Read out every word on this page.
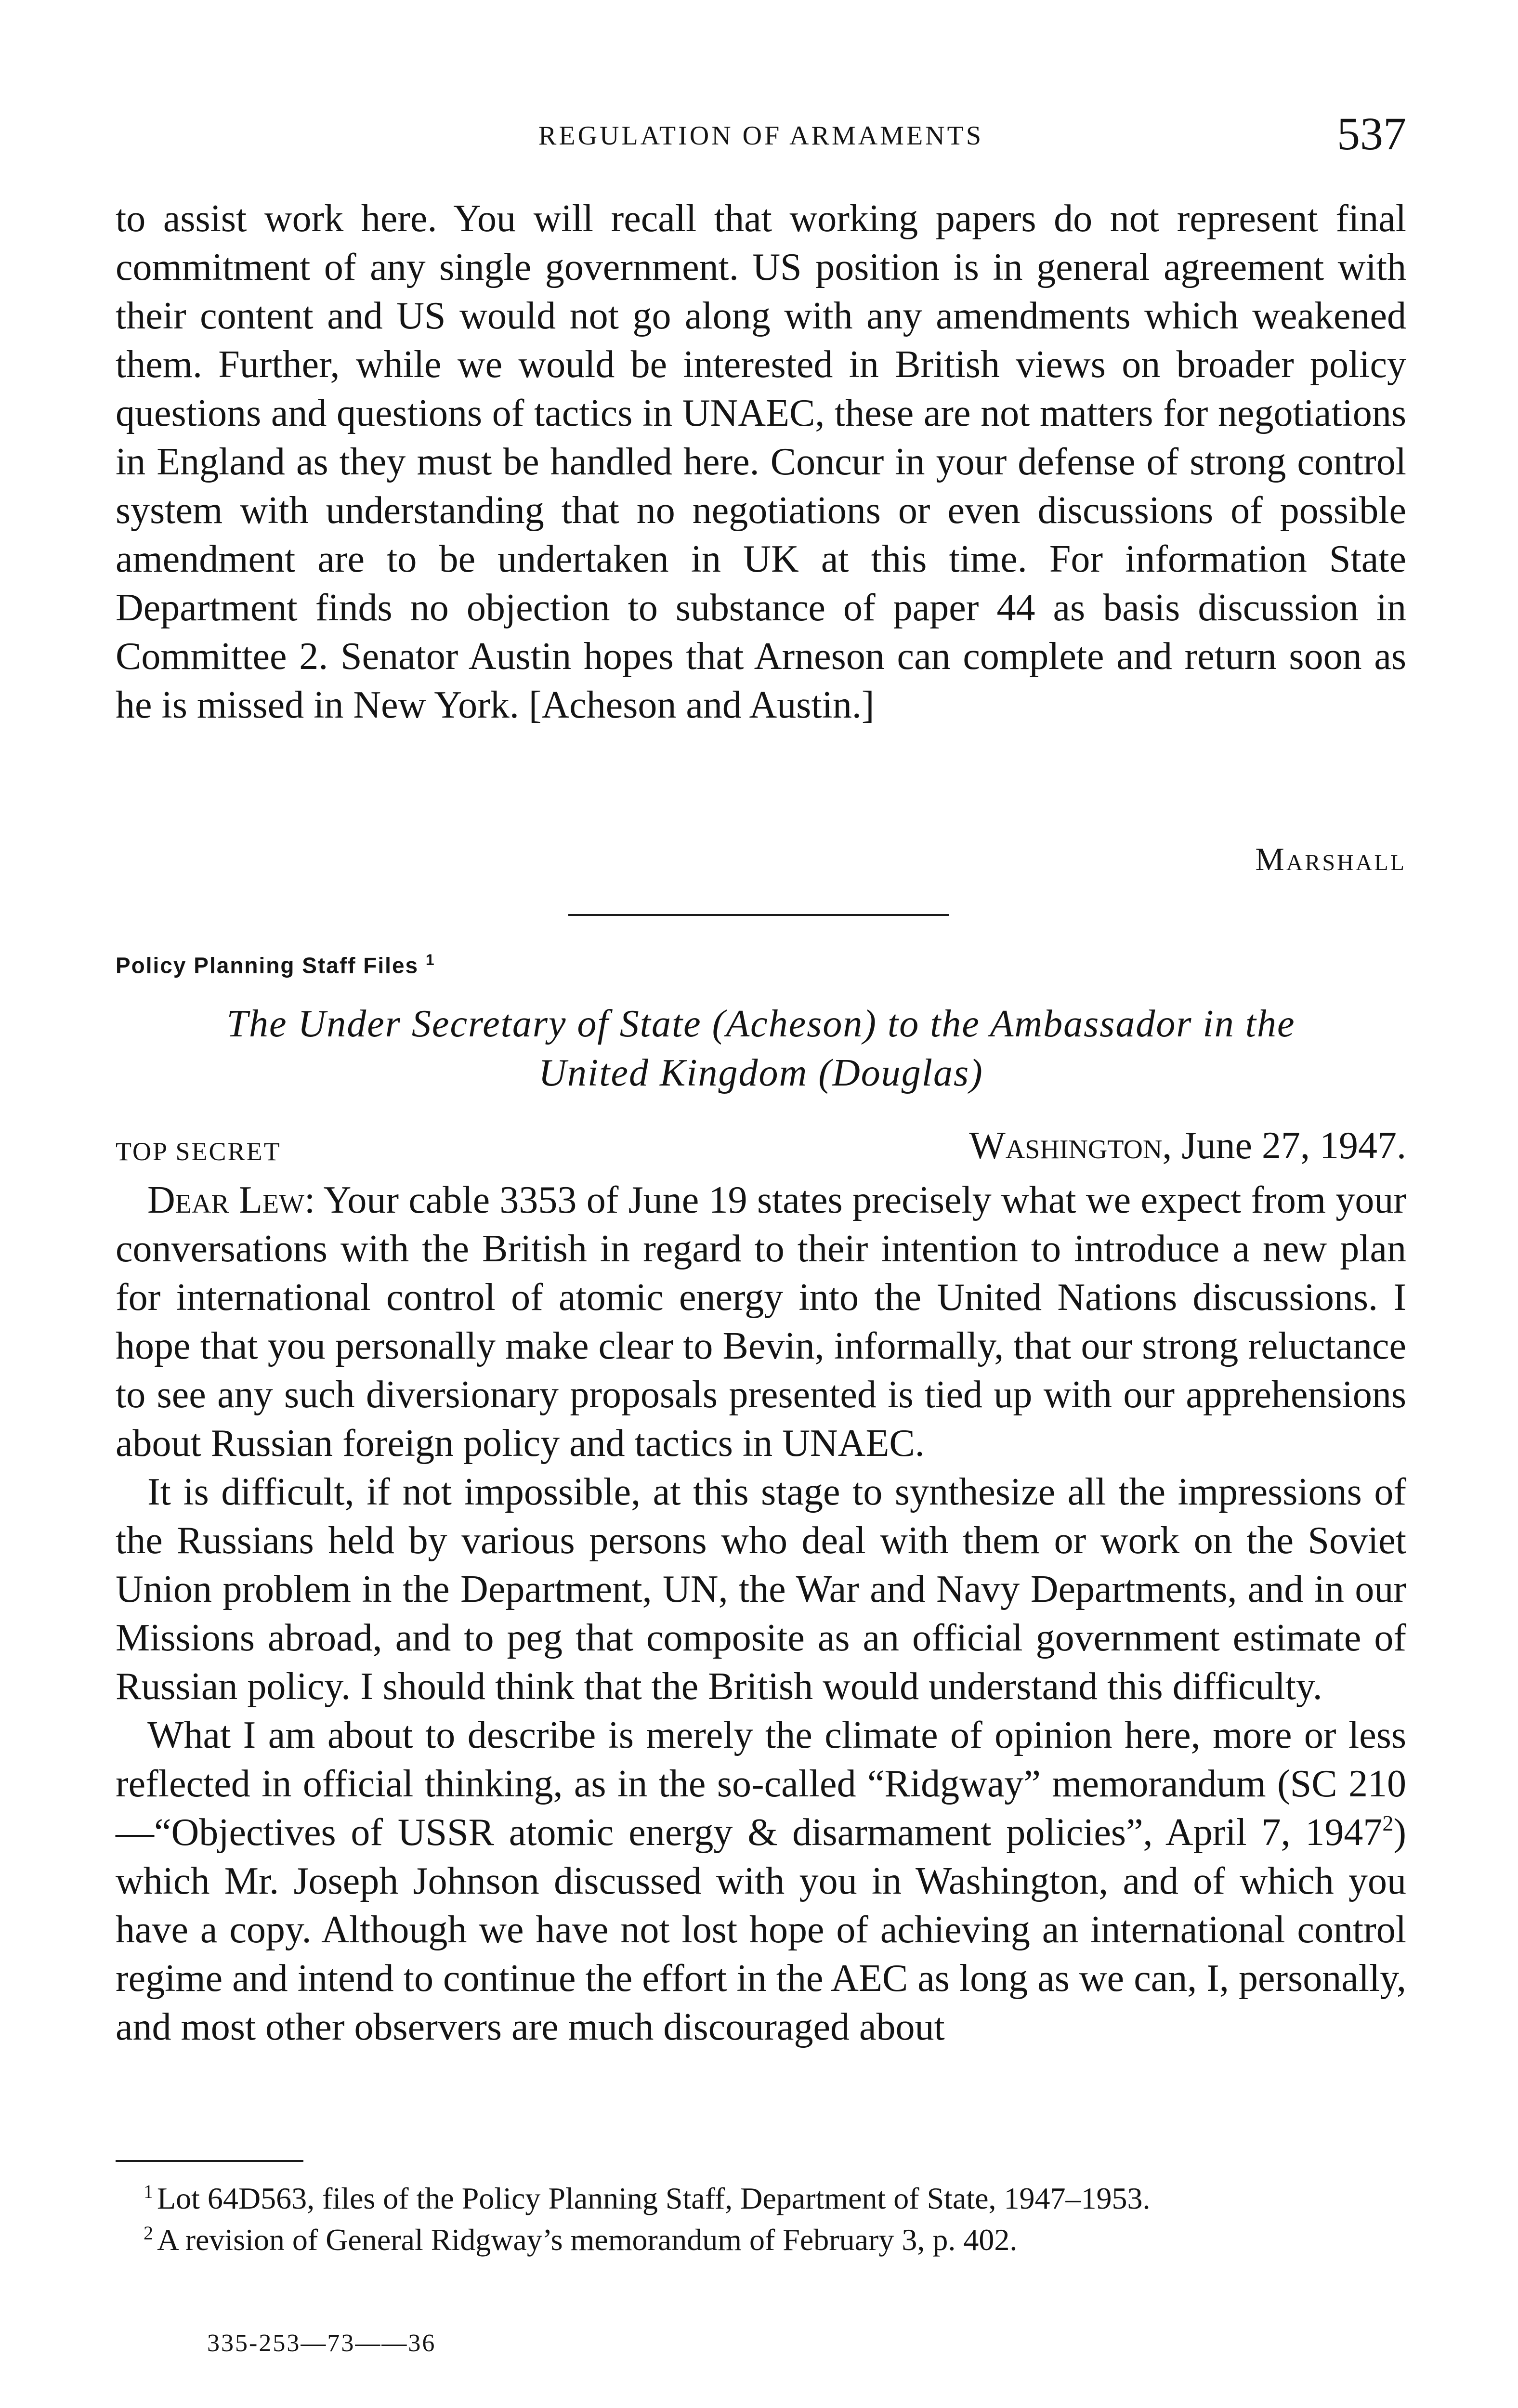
REGULATION OF ARMAMENTS	537

to assist work here. You will recall that working papers do not represent final commitment of any single government. US position is in general agreement with their content and US would not go along with any amendments which weakened them. Further, while we would be interested in British views on broader policy questions and questions of tactics in UNAEC, these are not matters for negotiations in England as they must be handled here. Concur in your defense of strong control system with understanding that no negotiations or even discussions of possible amendment are to be undertaken in UK at this time. For information State Department finds no objection to substance of paper 44 as basis discussion in Committee 2. Senator Austin hopes that Arneson can complete and return soon as he is missed in New York. [Acheson and Austin.]

Marshall
Policy Planning Staff Files $^1$
The Under Secretary of State (Acheson) to the Ambassador in the
United Kingdom (Douglas)
TOP SECRET	Washington, June 27, 1947.

Dear Lew: Your cable 3353 of June 19 states precisely what we expect from your conversations with the British in regard to their intention to introduce a new plan for international control of atomic energy into the United Nations discussions. I hope that you personally make clear to Bevin, informally, that our strong reluctance to see any such diversionary proposals presented is tied up with our apprehensions about Russian foreign policy and tactics in UNAEC.

It is difficult, if not impossible, at this stage to synthesize all the impressions of the Russians held by various persons who deal with them or work on the Soviet Union problem in the Department, UN, the War and Navy Departments, and in our Missions abroad, and to peg that composite as an official government estimate of Russian policy. I should think that the British would understand this difficulty.

What I am about to describe is merely the climate of opinion here, more or less reflected in official thinking, as in the so-called “Ridgway” memorandum (SC 210—“Objectives of USSR atomic energy & disarmament policies”, April 7, 1947$^2$) which Mr. Joseph Johnson discussed with you in Washington, and of which you have a copy. Although we have not lost hope of achieving an international control regime and intend to continue the effort in the AEC as long as we can, I, personally, and most other observers are much discouraged about

$^1$ Lot 64D563, files of the Policy Planning Staff, Department of State, 1947–1953.

$^2$ A revision of General Ridgway’s memorandum of February 3, p. 402.

335-253—73——36
